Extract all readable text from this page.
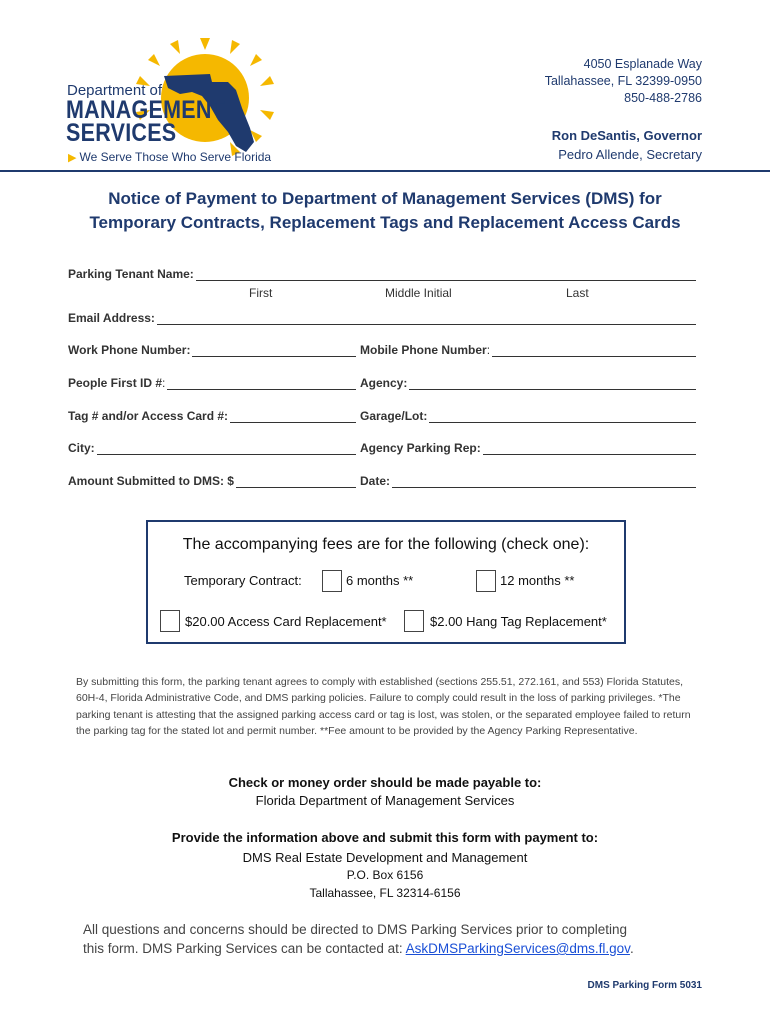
Department of
MANAGEMENT
SERVICES
▶ We Serve Those Who Serve Florida
4050 Esplanade Way
Tallahassee, FL 32399-0950
850-488-2786
Ron DeSantis, Governor
Pedro Allende, Secretary
Notice of Payment to Department of Management Services (DMS) for
Temporary Contracts, Replacement Tags and Replacement Access Cards
Parking Tenant Name:
First	Middle Initial	Last
Email Address:
Work Phone Number:	Mobile Phone Number :
People First ID # :	Agency:
Tag # and/or Access Card #:	Garage/Lot:
City:	Agency Parking Rep:
Amount Submitted to DMS: $	Date:
The accompanying fees are for the following (check one):
Temporary Contract:	6 months **	12 months **
$20.00 Access Card Replacement*	$2.00 Hang Tag Replacement*
By submitting this form, the parking tenant agrees to comply with established (sections 255.51, 272.161, and 553) Florida Statutes, 60H-4, Florida Administrative Code, and DMS parking policies. Failure to comply could result in the loss of parking privileges. *The parking tenant is attesting that the assigned parking access card or tag is lost, was stolen, or the separated employee failed to return the parking tag for the stated lot and permit number. **Fee amount to be provided by the Agency Parking Representative.
Check or money order should be made payable to:
Florida Department of Management Services
Provide the information above and submit this form with payment to:
DMS Real Estate Development and Management
P.O. Box 6156
Tallahassee, FL 32314-6156
All questions and concerns should be directed to DMS Parking Services prior to completing
this form. DMS Parking Services can be contacted at: AskDMSParkingServices@dms.fl.gov.
DMS Parking Form 5031
